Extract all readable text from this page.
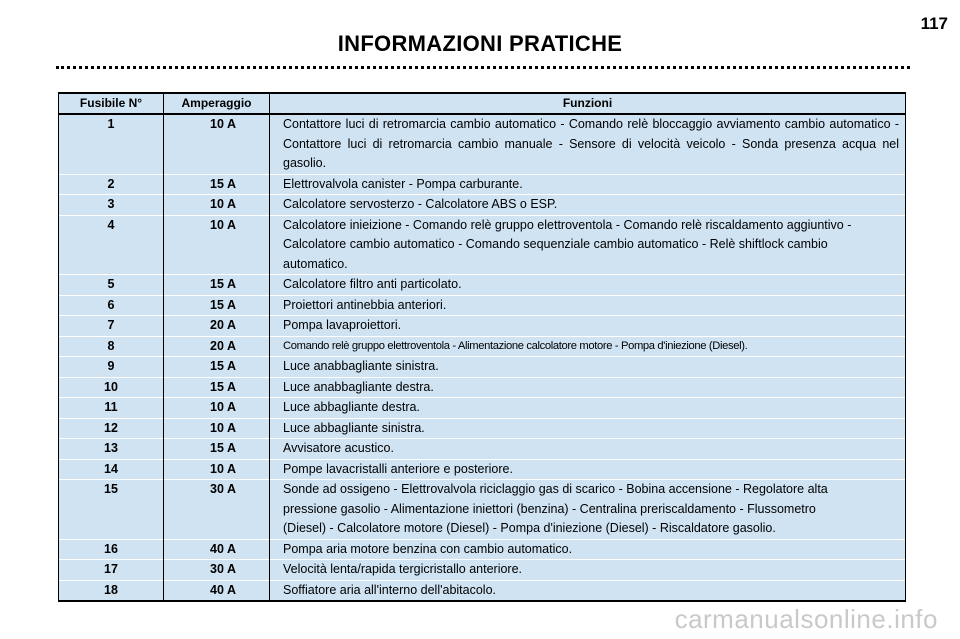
117
INFORMAZIONI PRATICHE
Fusibile N°	Amperaggio	Funzioni
1	10 A	Contattore luci di retromarcia cambio automatico - Comando relè bloccaggio avviamento cambio automatico - Contattore luci di retromarcia cambio manuale - Sensore di velocità veicolo - Sonda presenza acqua nel gasolio.
2	15 A	Elettrovalvola canister - Pompa carburante.
3	10 A	Calcolatore servosterzo - Calcolatore ABS o ESP.
4	10 A	Calcolatore inieizione - Comando relè gruppo elettroventola - Comando relè riscaldamento aggiuntivo - Calcolatore cambio automatico - Comando sequenziale cambio automatico - Relè shiftlock cambio automatico.
5	15 A	Calcolatore filtro anti particolato.
6	15 A	Proiettori antinebbia anteriori.
7	20 A	Pompa lavaproiettori.
8	20 A	Comando relè gruppo elettroventola - Alimentazione calcolatore motore - Pompa d'iniezione (Diesel).
9	15 A	Luce anabbagliante sinistra.
10	15 A	Luce anabbagliante destra.
11	10 A	Luce abbagliante destra.
12	10 A	Luce abbagliante sinistra.
13	15 A	Avvisatore acustico.
14	10 A	Pompe lavacristalli anteriore e posteriore.
15	30 A	Sonde ad ossigeno - Elettrovalvola riciclaggio gas di scarico - Bobina accensione - Regolatore alta pressione gasolio - Alimentazione iniettori (benzina) - Centralina preriscaldamento - Flussometro (Diesel) - Calcolatore motore (Diesel) - Pompa d'iniezione (Diesel) - Riscaldatore gasolio.
16	40 A	Pompa aria motore benzina con cambio automatico.
17	30 A	Velocità lenta/rapida tergicristallo anteriore.
18	40 A	Soffiatore aria all'interno dell'abitacolo.
carmanualsonline.info
